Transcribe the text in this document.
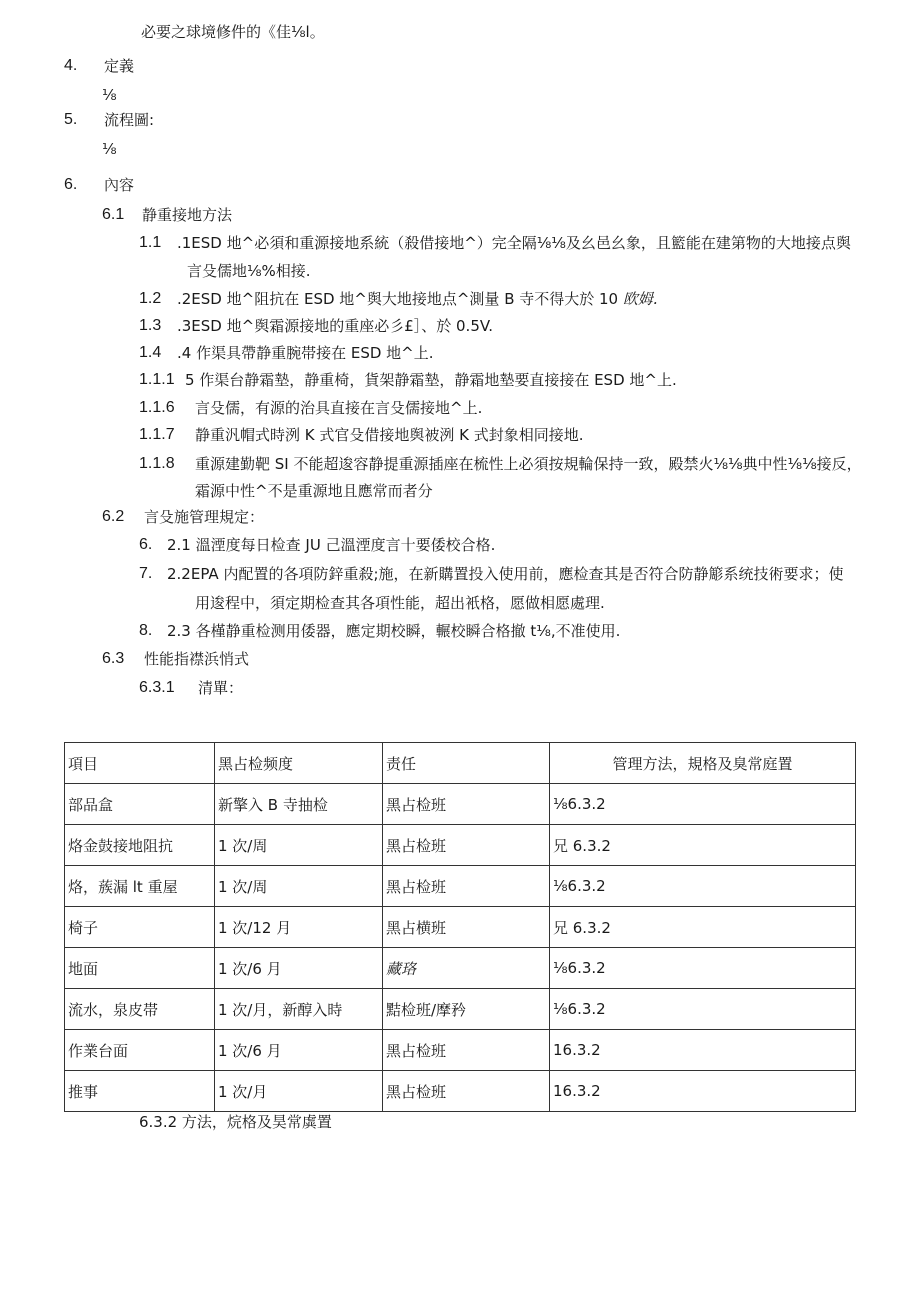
必要之球境修件的《佳⅛l。
4. 定義
⅛
5. 流程圖:
⅛
6. 內容
6.1 静重接地方法
1.1 .1ESD 地^必須和重源接地系統（殺借接地^）完全隔⅛⅛及幺邑幺象，且籃能在建第物的大地接点舆
言殳儒地⅛%相接.
1.2 .2ESD 地^阻抗在 ESD 地^舆大地接地点^測量 B 寺不得大於 10 欧姆.
1.3 .3ESD 地^舆霜源接地的重座必彡£］、於 0.5V.
1.4 .4 作渠具帶静重腕帯接在 ESD 地^上.
1.1.1 5 作渠台静霜墊，静重椅，貨架静霜墊，静霜地墊要直接接在 ESD 地^上.
1.1.6 言殳儒，有源的治具直接在言殳儒接地^上.
1.1.7 静重汎帽式時洌 K 式官殳借接地舆被洌 K 式封象相同接地.
1.1.8 重源建勤靶 SI 不能超逡容静提重源插座在梳性上必須按規輪保持一致，殿禁火⅛⅛典中性⅛⅛接反，
霜源中性^不是重源地且應常而者分
6.2 言殳施管理規定：
6. 2.1 溫湮度每日检查 JU 己溫湮度言十要倭校合格.
7. 2.2EPA 内配置的各項防鋅重殺;施，在新購置投入使用前，應检查其是否符合防静簓系统技術要求；使
用逡程中，須定期检查其各項性能，超出衹格，愿做相愿處理.
8. 2.3 各槿静重检测用倭器，應定期校瞬，輾校瞬合格撤 t⅛,不准使用.
6.3 性能指襟浜悄式
6.3.1 清單：
項目	黑占检频度	责任	管理方法，規格及臭常庭置
部品盒	新擎入 B 寺抽检	黑占检班	⅛6.3.2
烙金鼓接地阻抗	1 次/周	黑占检班	兄 6.3.2
烙，蔟漏 lt 重屋	1 次/周	黑占检班	⅛6.3.2
椅子	1 次/12 月	黑占横班	兄 6.3.2
地面	1 次/6 月	藏珞	⅛6.3.2
流水，泉皮帯	1 次/月，新醇入時	黠检班/摩矜	⅛6.3.2
作業台面	1 次/6 月	黑占检班	16.3.2
推事	1 次/月	黑占检班	16.3.2
6.3.2 方法，烷格及昊常虡置
